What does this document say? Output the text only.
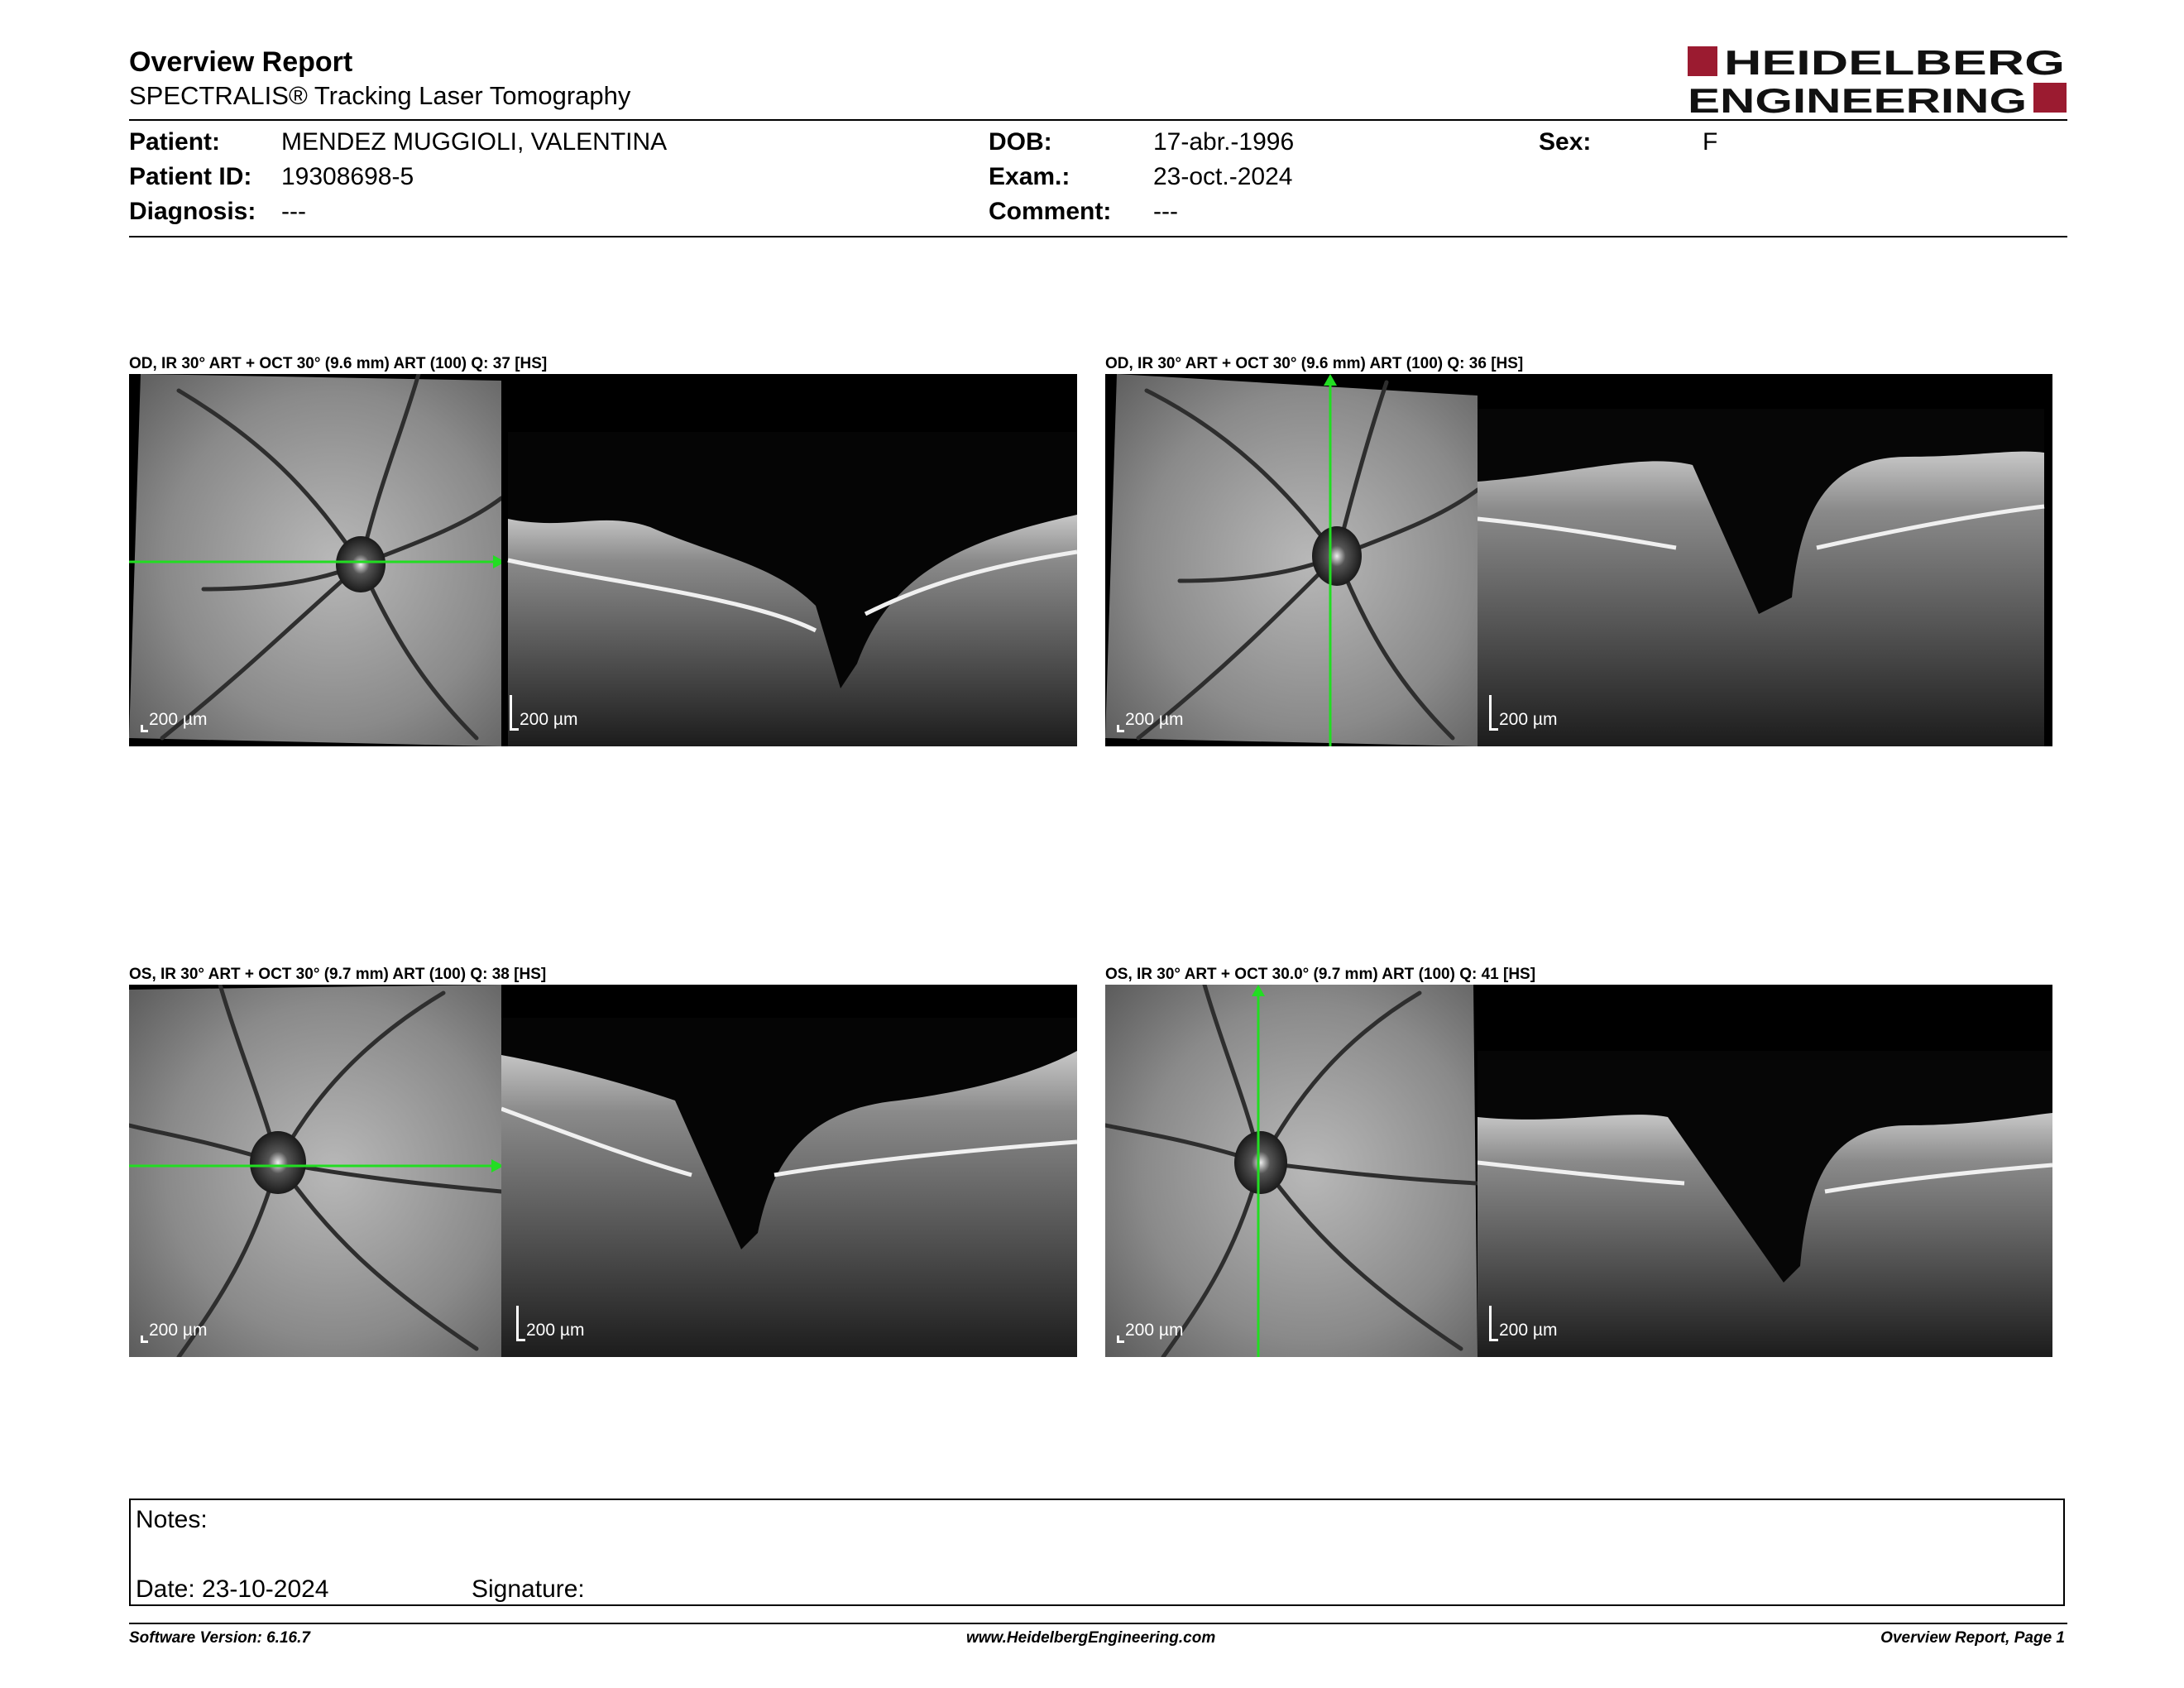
Overview Report
SPECTRALIS® Tracking Laser Tomography
HEIDELBERG
ENGINEERING
Patient: MENDEZ MUGGIOLI, VALENTINA
Patient ID: 19308698-5
Diagnosis: ---
DOB:	17-abr.-1996
Exam.:	23-oct.-2024
Comment: ---
Sex:	F
OD, IR 30° ART + OCT 30° (9.6 mm) ART (100) Q: 37 [HS]
200 µm	200 µm
OD, IR 30° ART + OCT 30° (9.6 mm) ART (100) Q: 36 [HS]
200 µm	200 µm
OS, IR 30° ART + OCT 30° (9.7 mm) ART (100) Q: 38 [HS]
200 µm	200 µm
OS, IR 30° ART + OCT 30.0° (9.7 mm) ART (100) Q: 41 [HS]
200 µm	200 µm
Notes:
Date: 23-10-2024	Signature:
Software Version: 6.16.7	www.HeidelbergEngineering.com	Overview Report, Page 1
